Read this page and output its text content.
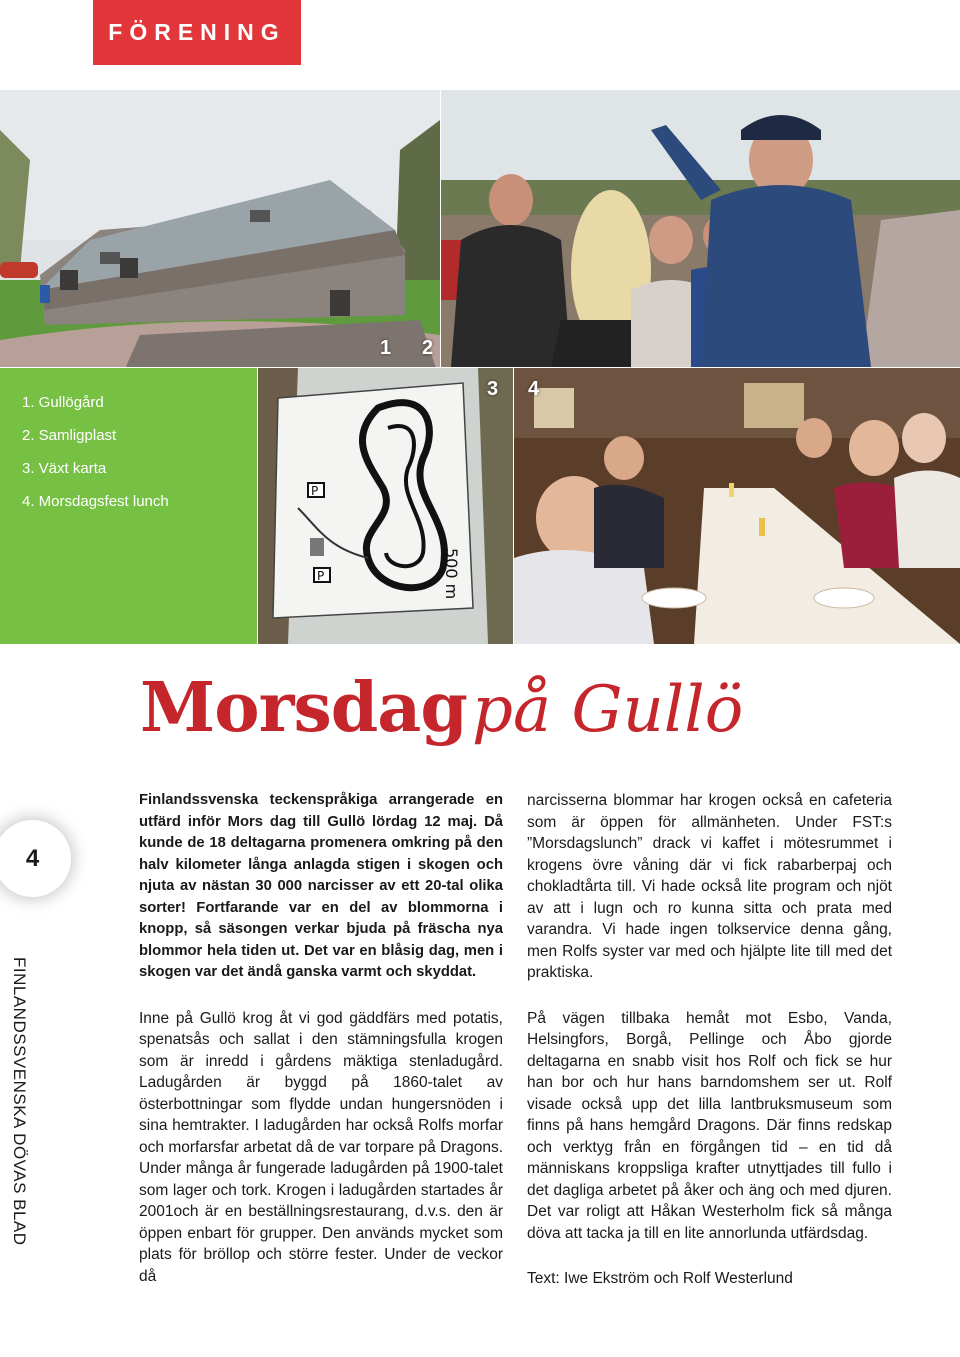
FÖRENING
1. Gullögård
2. Samligplast
3. Växt karta
4. Morsdagsfest lunch
P
P	500 m
1 2
3 4
Morsdag på Gullö
4
FINLANDSSVENSKA DÖVAS BLAD

Finlandssvenska teckenspråkiga arrangerade en utfärd inför Mors dag till Gullö lördag 12 maj. Då kunde de 18 deltagarna promenera omkring på den halv kilometer långa anlagda stigen i skogen och njuta av nästan 30 000 narcisser av ett 20-tal olika sorter! Fortfarande var en del av blommorna i knopp, så säsongen verkar bjuda på fräscha nya blommor hela tiden ut. Det var en blåsig dag, men i skogen var det ändå ganska varmt och skyddat.

Inne på Gullö krog åt vi god gäddfärs med potatis, spenatsås och sallat i den stämningsfulla krogen som är inredd i gårdens mäktiga stenladugård. Ladugården är byggd på 1860-talet av österbottningar som flydde undan hungersnöden i sina hemtrakter. I ladugården har också Rolfs morfar och morfarsfar arbetat då de var torpare på Dragons. Under många år fungerade ladugården på 1900-talet som lager och tork. Krogen i ladugården startades år 2001och är en beställningsrestaurang, d.v.s. den är öppen enbart för grupper. Den används mycket som plats för bröllop och större fester. Under de veckor då

narcisserna blommar har krogen också en cafeteria som är öppen för allmänheten. Under FST:s ”Morsdagslunch” drack vi kaffet i mötesrummet i krogens övre våning där vi fick rabarberpaj och chokladtårta till. Vi hade också lite program och njöt av att i lugn och ro kunna sitta och prata med varandra. Vi hade ingen tolkservice denna gång, men Rolfs syster var med och hjälpte lite till med det praktiska.

På vägen tillbaka hemåt mot Esbo, Vanda, Helsingfors, Borgå, Pellinge och Åbo gjorde deltagarna en snabb visit hos Rolf och fick se hur han bor och hur hans barndomshem ser ut. Rolf visade också upp det lilla lantbruksmuseum som finns på hans hemgård Dragons. Där finns redskap och verktyg från en förgången tid – en tid då människans kroppsliga krafter utnyttjades till fullo i det dagliga arbetet på åker och äng och med djuren. Det var roligt att Håkan Westerholm fick så många döva att tacka ja till en lite annorlunda utfärdsdag.

Text: Iwe Ekström och Rolf Westerlund
